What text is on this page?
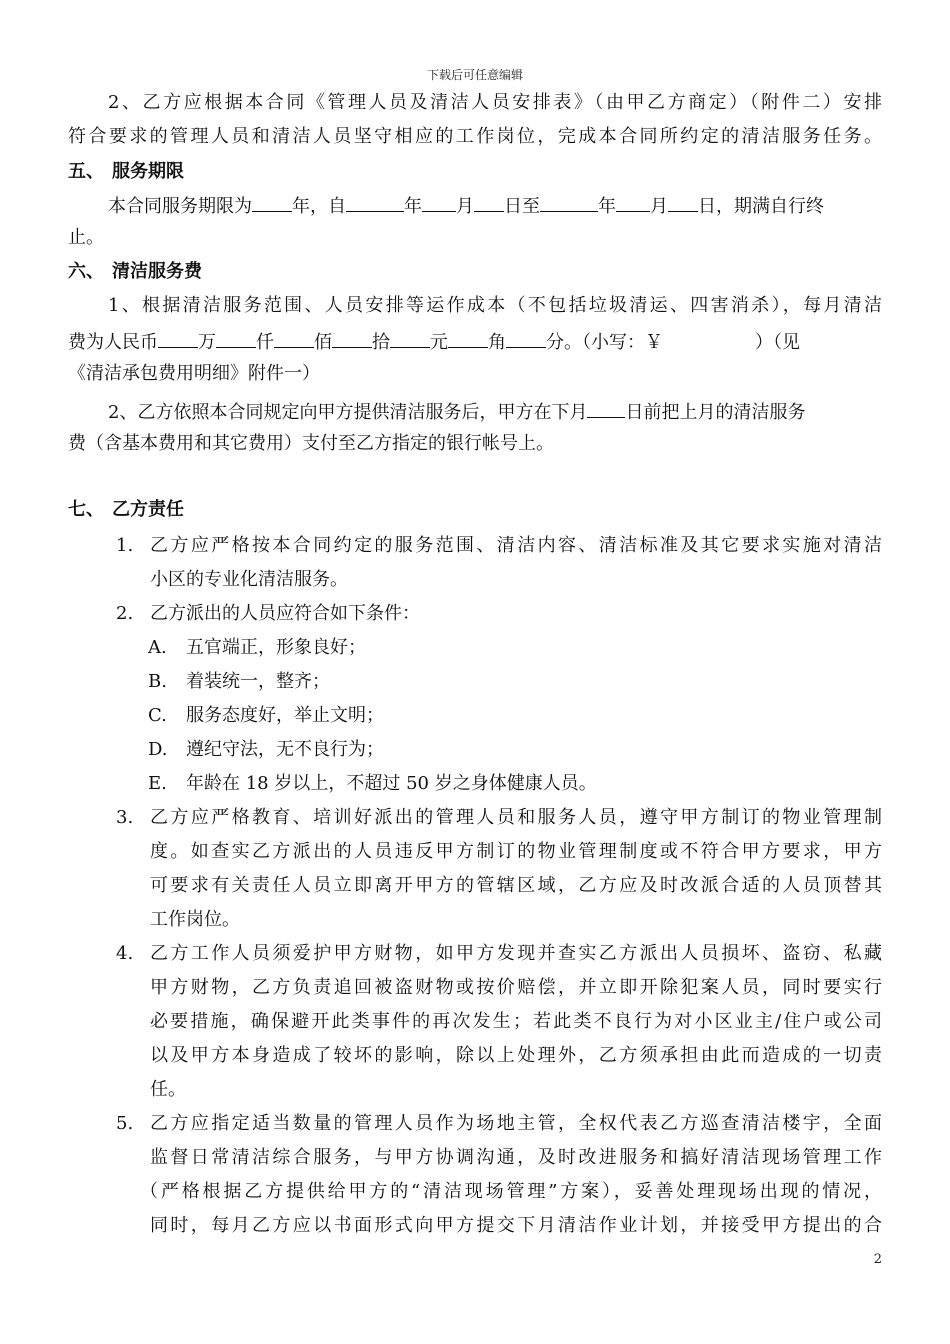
下载后可任意编辑
2、乙方应根据本合同《管理人员及清洁人员安排表》（由甲乙方商定）（附件二）安排
符合要求的管理人员和清洁人员坚守相应的工作岗位，完成本合同所约定的清洁服务任务。
五、 服务期限
本合同服务期限为 年，自	年 月 日至	年 月 日，期满自行终
止。
六、 清洁服务费
1、根据清洁服务范围、人员安排等运作成本（不包括垃圾清运、四害消杀），每月清洁
费为人民币 万 仟 佰 拾 元 角 分。（小写：￥	）（见
《清洁承包费用明细》附件一）
2、乙方依照本合同规定向甲方提供清洁服务后，甲方在下月 日前把上月的清洁服务
费（含基本费用和其它费用）支付至乙方指定的银行帐号上。
七、 乙方责任
1. 乙方应严格按本合同约定的服务范围、清洁内容、清洁标准及其它要求实施对清洁
小区的专业化清洁服务。
2. 乙方派出的人员应符合如下条件：
A. 五官端正，形象良好；
B. 着装统一，整齐；
C. 服务态度好，举止文明；
D. 遵纪守法，无不良行为；
E. 年龄在 18 岁以上，不超过 50 岁之身体健康人员。
3. 乙方应严格教育、培训好派出的管理人员和服务人员，遵守甲方制订的物业管理制
度。如查实乙方派出的人员违反甲方制订的物业管理制度或不符合甲方要求，甲方
可要求有关责任人员立即离开甲方的管辖区域，乙方应及时改派合适的人员顶替其
工作岗位。
4. 乙方工作人员须爱护甲方财物，如甲方发现并查实乙方派出人员损坏、盗窃、私藏
甲方财物，乙方负责追回被盗财物或按价赔偿，并立即开除犯案人员，同时要实行
必要措施，确保避开此类事件的再次发生；若此类不良行为对小区业主/住户或公司
以及甲方本身造成了较坏的影响，除以上处理外，乙方须承担由此而造成的一切责
任。
5. 乙方应指定适当数量的管理人员作为场地主管，全权代表乙方巡查清洁楼宇，全面
监督日常清洁综合服务，与甲方协调沟通，及时改进服务和搞好清洁现场管理工作
（严格根据乙方提供给甲方的“清洁现场管理”方案），妥善处理现场出现的情况，
同时，每月乙方应以书面形式向甲方提交下月清洁作业计划，并接受甲方提出的合
2
